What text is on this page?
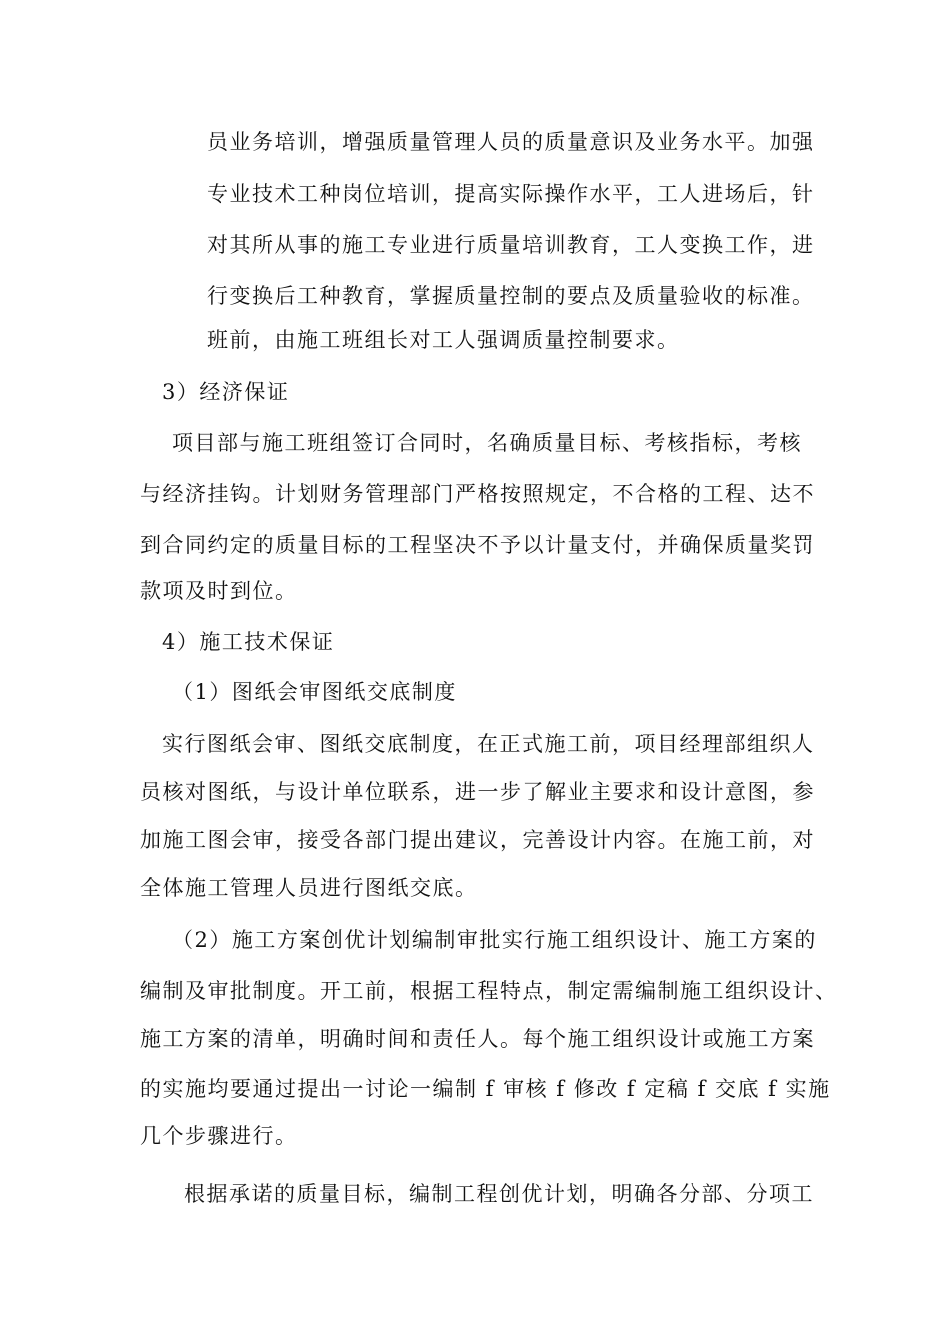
员业务培训，增强质量管理人员的质量意识及业务水平。加强
专业技术工种岗位培训，提高实际操作水平，工人进场后，针
对其所从事的施工专业进行质量培训教育，工人变换工作，进
行变换后工种教育，掌握质量控制的要点及质量验收的标准。
班前，由施工班组长对工人强调质量控制要求。
3）经济保证
项目部与施工班组签订合同时，名确质量目标、考核指标，考核
与经济挂钩。计划财务管理部门严格按照规定，不合格的工程、达不
到合同约定的质量目标的工程坚决不予以计量支付，并确保质量奖罚
款项及时到位。
4）施工技术保证
（1）图纸会审图纸交底制度
实行图纸会审、图纸交底制度，在正式施工前，项目经理部组织人
员核对图纸，与设计单位联系，进一步了解业主要求和设计意图，参
加施工图会审，接受各部门提出建议，完善设计内容。在施工前，对
全体施工管理人员进行图纸交底。
（2）施工方案创优计划编制审批实行施工组织设计、施工方案的
编制及审批制度。开工前，根据工程特点，制定需编制施工组织设计、
施工方案的清单，明确时间和责任人。每个施工组织设计或施工方案
的实施均要通过提出一讨论一编制 f 审核 f 修改 f 定稿 f 交底 f 实施
几个步骤进行。
根据承诺的质量目标，编制工程创优计划，明确各分部、分项工
